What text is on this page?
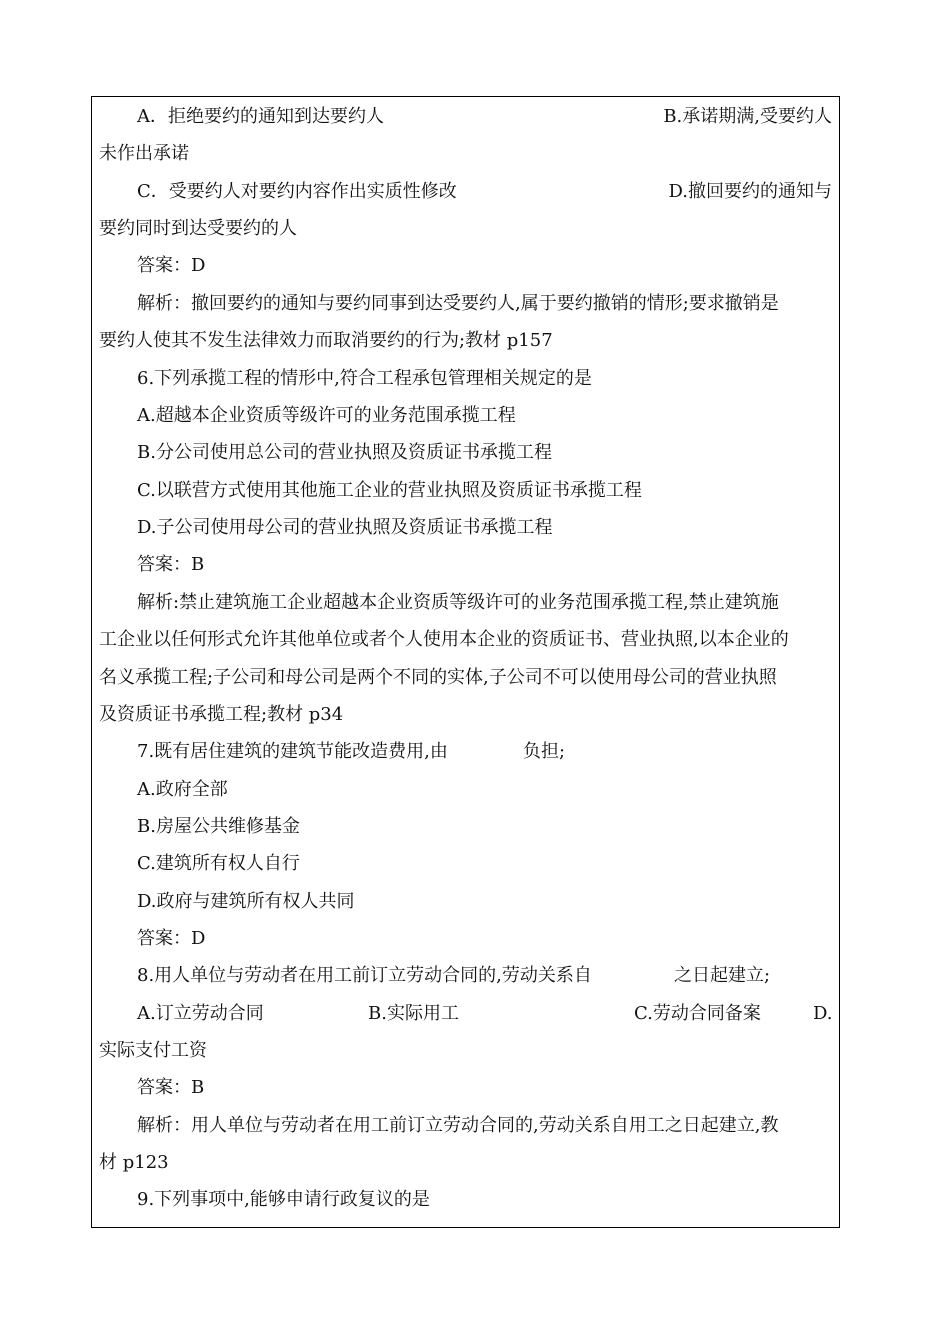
A．拒绝要约的通知到达要约人	B.承诺期满,受要约人
未作出承诺
C．受要约人对要约内容作出实质性修改	D.撤回要约的通知与
要约同时到达受要约的人
答案：D
解析：撤回要约的通知与要约同事到达受要约人,属于要约撤销的情形;要求撤销是
要约人使其不发生法律效力而取消要约的行为;教材 p157
6.下列承揽工程的情形中,符合工程承包管理相关规定的是
A.超越本企业资质等级许可的业务范围承揽工程
B.分公司使用总公司的营业执照及资质证书承揽工程
C.以联营方式使用其他施工企业的营业执照及资质证书承揽工程
D.子公司使用母公司的营业执照及资质证书承揽工程
答案：B
解析:禁止建筑施工企业超越本企业资质等级许可的业务范围承揽工程,禁止建筑施
工企业以任何形式允许其他单位或者个人使用本企业的资质证书、营业执照,以本企业的
名义承揽工程;子公司和母公司是两个不同的实体,子公司不可以使用母公司的营业执照
及资质证书承揽工程;教材 p34
7.既有居住建筑的建筑节能改造费用,由	负担;
A.政府全部
B.房屋公共维修基金
C.建筑所有权人自行
D.政府与建筑所有权人共同
答案：D
8.用人单位与劳动者在用工前订立劳动合同的,劳动关系自	之日起建立;
A.订立劳动合同	B.实际用工	C.劳动合同备案	D.
实际支付工资
答案：B
解析：用人单位与劳动者在用工前订立劳动合同的,劳动关系自用工之日起建立,教
材 p123
9.下列事项中,能够申请行政复议的是
